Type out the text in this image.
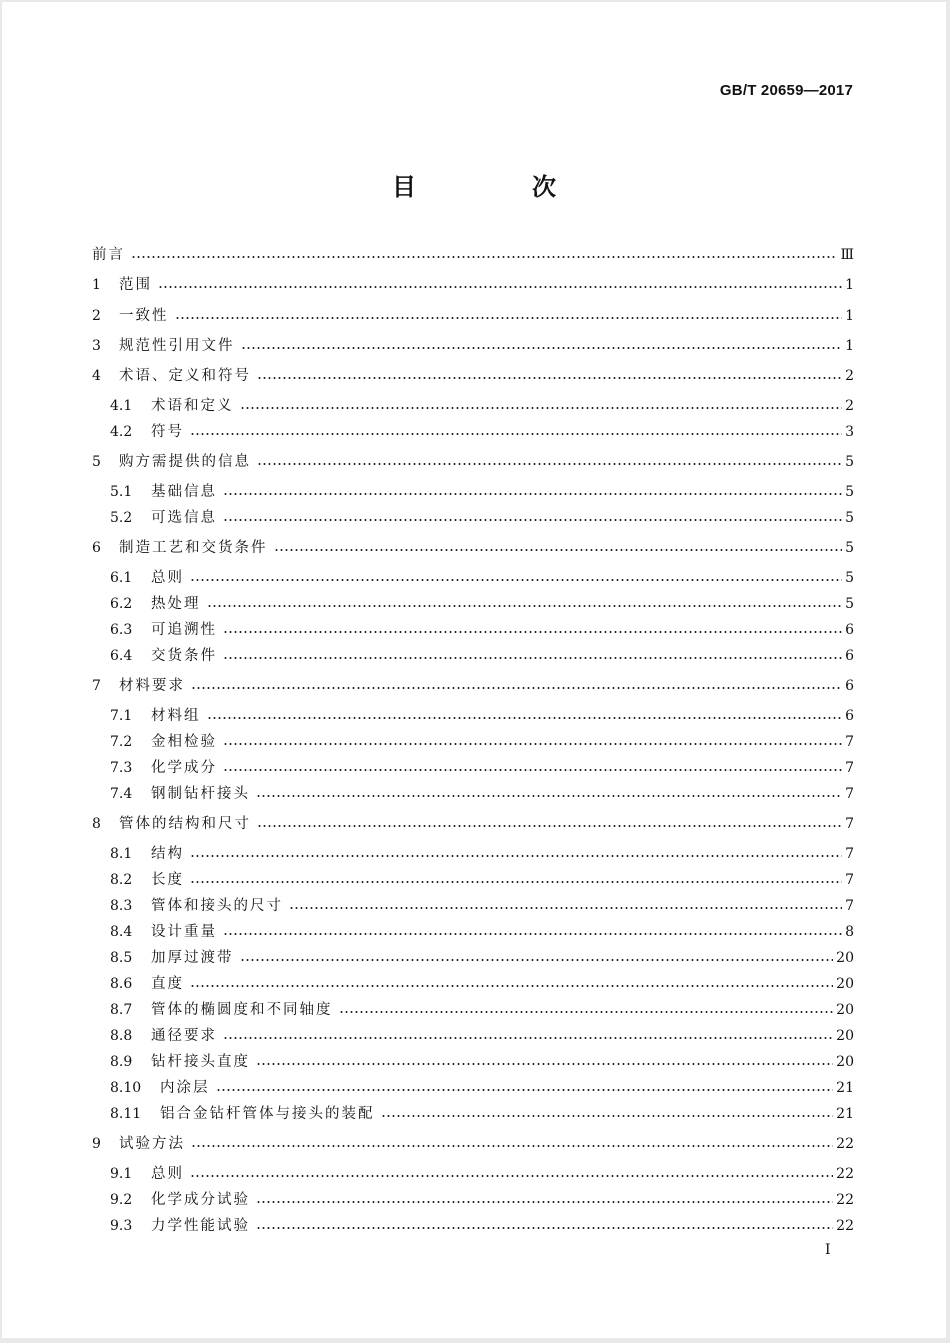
GB/T 20659—2017
目　次
前言	Ⅲ
1	范围	1
2	一致性	1
3	规范性引用文件	1
4	术语、定义和符号	2
4.1	术语和定义	2
4.2	符号	3
5	购方需提供的信息	5
5.1	基础信息	5
5.2	可选信息	5
6	制造工艺和交货条件	5
6.1	总则	5
6.2	热处理	5
6.3	可追溯性	6
6.4	交货条件	6
7	材料要求	6
7.1	材料组	6
7.2	金相检验	7
7.3	化学成分	7
7.4	钢制钻杆接头	7
8	管体的结构和尺寸	7
8.1	结构	7
8.2	长度	7
8.3	管体和接头的尺寸	7
8.4	设计重量	8
8.5	加厚过渡带	20
8.6	直度	20
8.7	管体的椭圆度和不同轴度	20
8.8	通径要求	20
8.9	钻杆接头直度	20
8.10	内涂层	21
8.11	铝合金钻杆管体与接头的装配	21
9	试验方法	22
9.1	总则	22
9.2	化学成分试验	22
9.3	力学性能试验	22
I
